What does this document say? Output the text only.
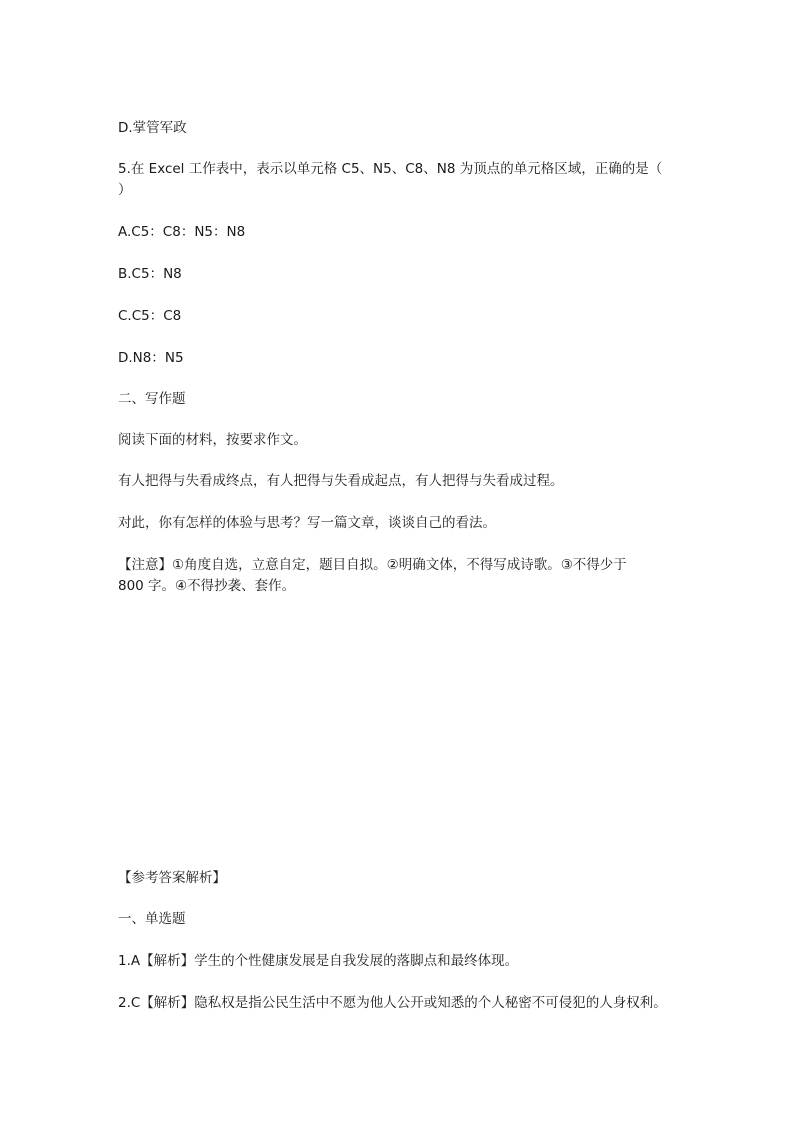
D.掌管军政

5.在 Excel 工作表中，表示以单元格 C5、N5、C8、N8 为顶点的单元格区域，正确的是（

）

A.C5：C8：N5：N8

B.C5：N8

C.C5：C8

D.N8：N5

二、写作题

阅读下面的材料，按要求作文。

有人把得与失看成终点，有人把得与失看成起点，有人把得与失看成过程。

对此，你有怎样的体验与思考？写一篇文章，谈谈自己的看法。

【注意】①角度自选，立意自定，题目自拟。②明确文体，不得写成诗歌。③不得少于

800 字。④不得抄袭、套作。

【参考答案解析】

一、单选题

1.A【解析】学生的个性健康发展是自我发展的落脚点和最终体现。

2.C【解析】隐私权是指公民生活中不愿为他人公开或知悉的个人秘密不可侵犯的人身权利。
